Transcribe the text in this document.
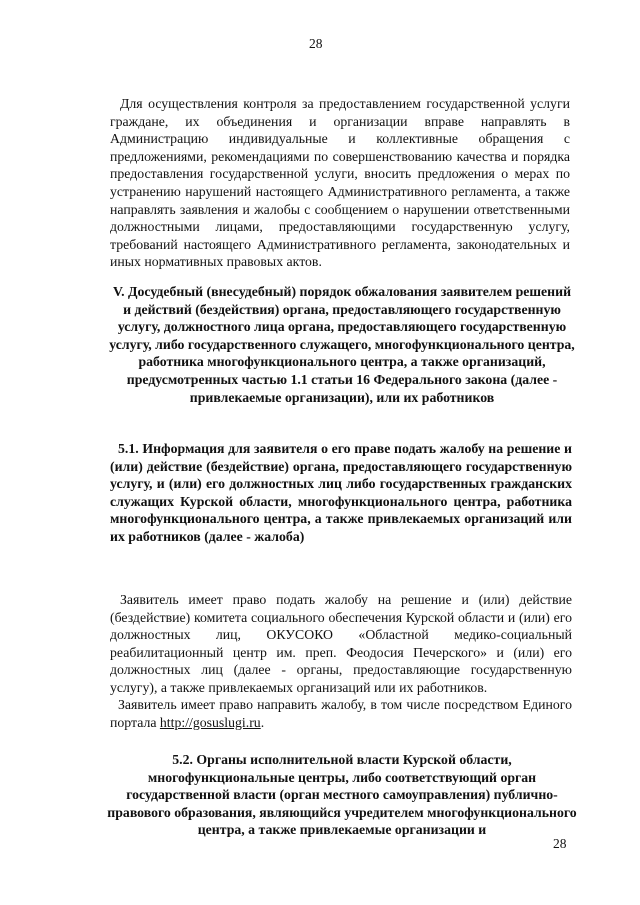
28

Для осуществления контроля за предоставлением государственной услуги граждане, их объединения и организации вправе направлять в Администрацию индивидуальные и коллективные обращения с предложениями, рекомендациями по совершенствованию качества и порядка предоставления государственной услуги, вносить предложения о мерах по устранению нарушений настоящего Административного регламента, а также направлять заявления и жалобы с сообщением о нарушении ответственными должностными лицами, предоставляющими государственную услугу, требований настоящего Административного регламента, законодательных и иных нормативных правовых актов.

V. Досудебный (внесудебный) порядок обжалования заявителем решений и действий (бездействия) органа, предоставляющего государственную услугу, должностного лица органа, предоставляющего государственную услугу, либо государственного служащего, многофункционального центра, работника многофункционального центра, а также организаций, предусмотренных частью 1.1 статьи 16 Федерального закона (далее - привлекаемые организации), или их работников

5.1. Информация для заявителя о его праве подать жалобу на решение и (или) действие (бездействие) органа, предоставляющего государственную услугу, и (или) его должностных лиц либо государственных гражданских служащих Курской области, многофункционального центра, работника многофункционального центра, а также привлекаемых организаций или их работников (далее - жалоба)

Заявитель имеет право подать жалобу на решение и (или) действие (бездействие) комитета социального обеспечения Курской области и (или) его должностных лиц, ОКУСОКО «Областной медико-социальный реабилитационный центр им. преп. Феодосия Печерского» и (или) его должностных лиц (далее - органы, предоставляющие государственную услугу), а также привлекаемых организаций или их работников.

Заявитель имеет право направить жалобу, в том числе посредством Единого портала http://gosuslugi.ru.

5.2. Органы исполнительной власти Курской области, многофункциональные центры, либо соответствующий орган государственной власти (орган местного самоуправления) публично-правового образования, являющийся учредителем многофункционального центра, а также привлекаемые организации и

28
